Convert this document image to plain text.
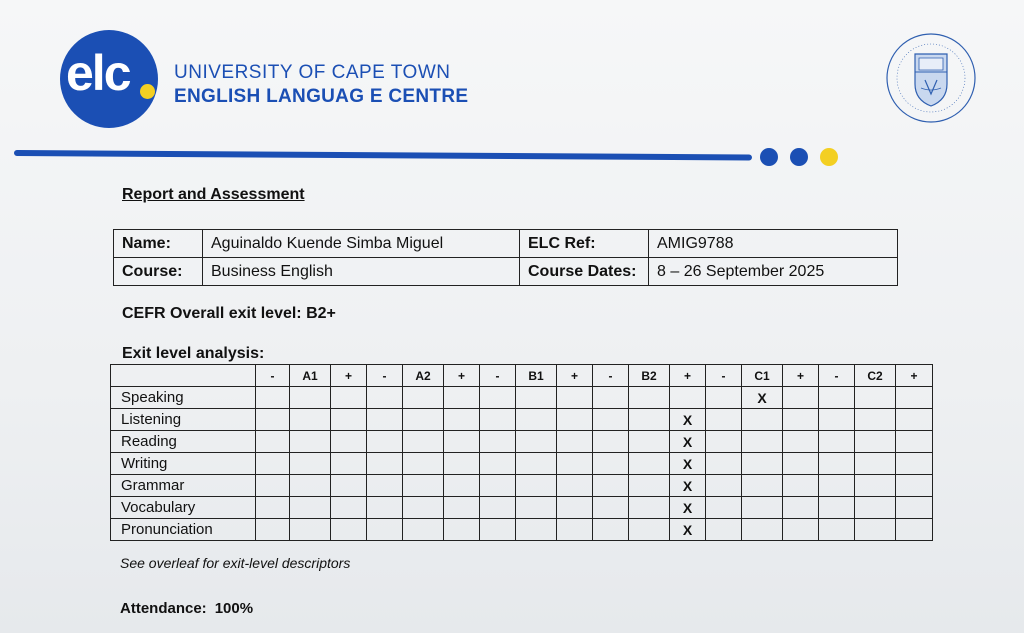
elc UNIVERSITY OF CAPE TOWN
ENGLISH LANGUAG E CENTRE
Report and Assessment
Name:	Aguinaldo Kuende Simba Miguel	ELC Ref:	AMIG9788
Course:	Business English	Course Dates:	8 – 26 September 2025
CEFR Overall exit level: B2+
Exit level analysis:
	-	A1	+	-	A2	+	-	B1	+	-	B2	+	-	C1	+	-	C2	+
Speaking														X				
Listening												X						
Reading												X						
Writing												X						
Grammar												X						
Vocabulary												X						
Pronunciation												X						
See overleaf for exit-level descriptors
Attendance: 100%
